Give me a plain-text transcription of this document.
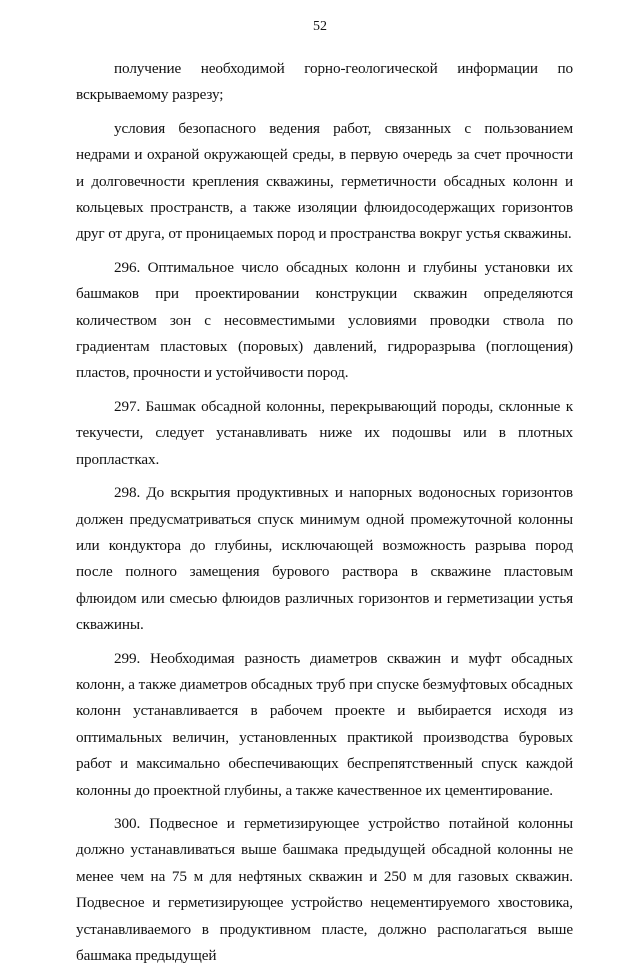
52

получение необходимой горно-геологической информации по вскрываемому разрезу;

условия безопасного ведения работ, связанных с пользованием недрами и охраной окружающей среды, в первую очередь за счет прочности и долговечности крепления скважины, герметичности обсадных колонн и кольцевых пространств, а также изоляции флюидосодержащих горизонтов друг от друга, от проницаемых пород и пространства вокруг устья скважины.

296. Оптимальное число обсадных колонн и глубины установки их башмаков при проектировании конструкции скважин определяются количеством зон с несовместимыми условиями проводки ствола по градиентам пластовых (поровых) давлений, гидроразрыва (поглощения) пластов, прочности и устойчивости пород.

297. Башмак обсадной колонны, перекрывающий породы, склонные к текучести, следует устанавливать ниже их подошвы или в плотных пропластках.

298. До вскрытия продуктивных и напорных водоносных горизонтов должен предусматриваться спуск минимум одной промежуточной колонны или кондуктора до глубины, исключающей возможность разрыва пород после полного замещения бурового раствора в скважине пластовым флюидом или смесью флюидов различных горизонтов и герметизации устья скважины.

299. Необходимая разность диаметров скважин и муфт обсадных колонн, а также диаметров обсадных труб при спуске безмуфтовых обсадных колонн устанавливается в рабочем проекте и выбирается исходя из оптимальных величин, установленных практикой производства буровых работ и максимально обеспечивающих беспрепятственный спуск каждой колонны до проектной глубины, а также качественное их цементирование.

300. Подвесное и герметизирующее устройство потайной колонны должно устанавливаться выше башмака предыдущей обсадной колонны не менее чем на 75 м для нефтяных скважин и 250 м для газовых скважин. Подвесное и герметизирующее устройство нецементируемого хвостовика, устанавливаемого в продуктивном пласте, должно располагаться выше башмака предыдущей
